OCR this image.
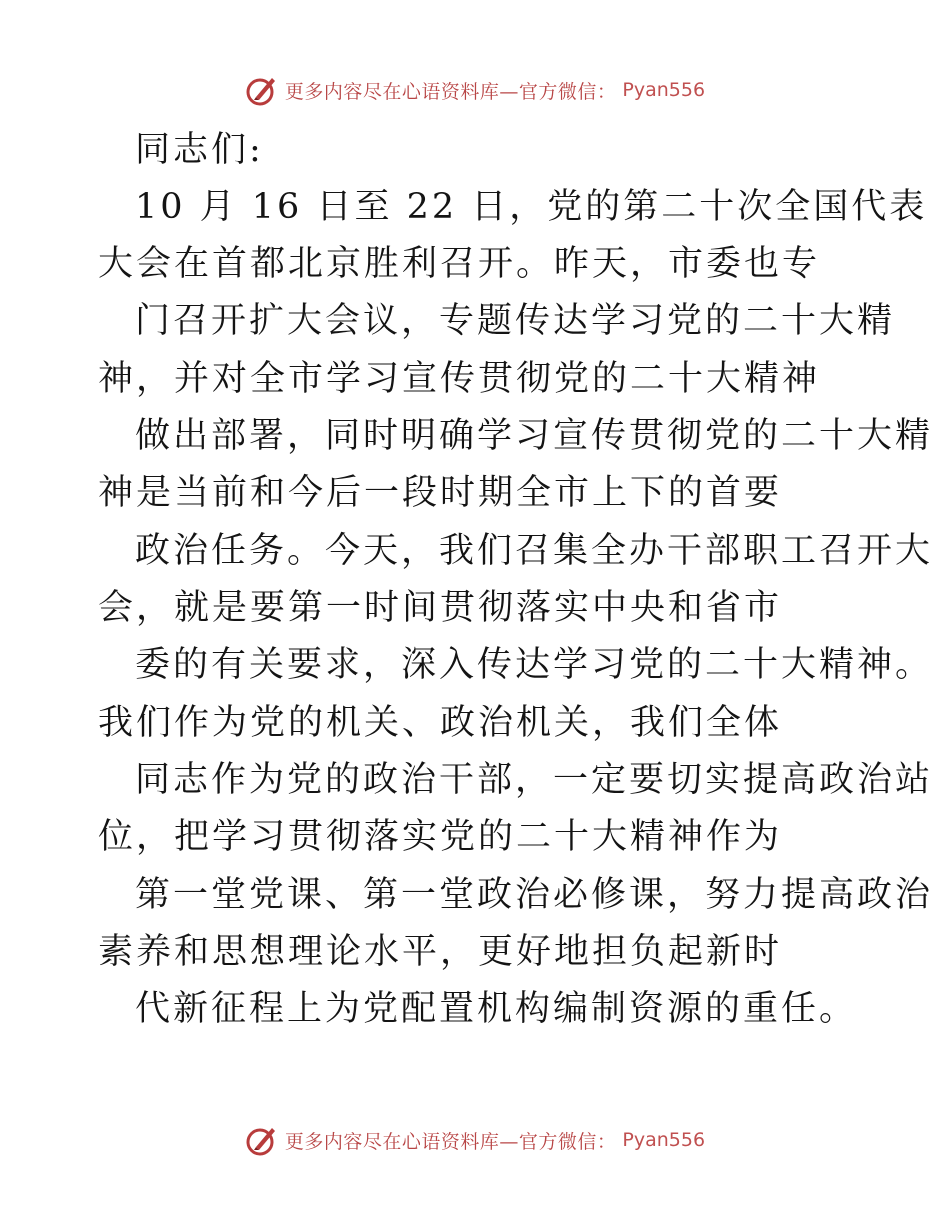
更多内容尽在心语资料库—官方微信： Pyan556
同志们:
10 月 16 日至 22 日，党的第二十次全国代表
大会在首都北京胜利召开。昨天，市委也专
门召开扩大会议，专题传达学习党的二十大精
神，并对全市学习宣传贯彻党的二十大精神
做出部署，同时明确学习宣传贯彻党的二十大精
神是当前和今后一段时期全市上下的首要
政治任务。今天，我们召集全办干部职工召开大
会，就是要第一时间贯彻落实中央和省市
委的有关要求，深入传达学习党的二十大精神。
我们作为党的机关、政治机关，我们全体
同志作为党的政治干部，一定要切实提高政治站
位，把学习贯彻落实党的二十大精神作为
第一堂党课、第一堂政治必修课，努力提高政治
素养和思想理论水平，更好地担负起新时
代新征程上为党配置机构编制资源的重任。
更多内容尽在心语资料库—官方微信： Pyan556
